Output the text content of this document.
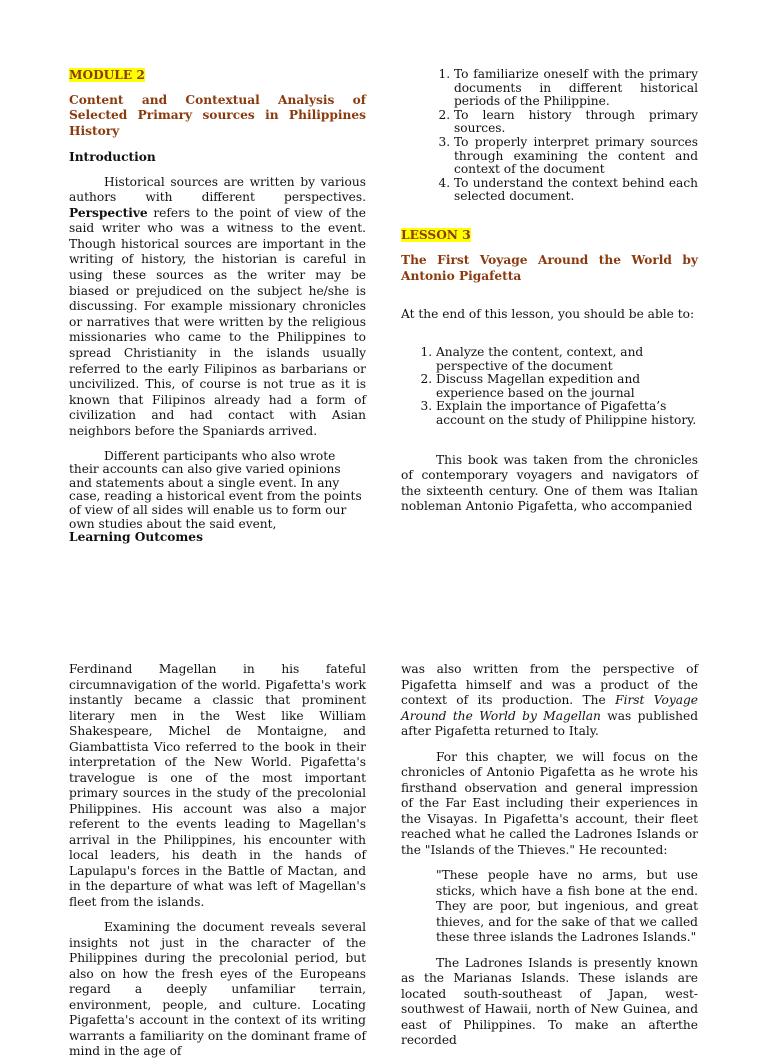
MODULE 2

Content and Contextual Analysis of Selected Primary sources in Philippines History

Introduction

Historical sources are written by various authors with different perspectives. Perspective refers to the point of view of the said writer who was a witness to the event. Though historical sources are important in the writing of history, the historian is careful in using these sources as the writer may be biased or prejudiced on the subject he/she is discussing. For example missionary chronicles or narratives that were written by the religious missionaries who came to the Philippines to spread Christianity in the islands usually referred to the early Filipinos as barbarians or uncivilized. This, of course is not true as it is known that Filipinos already had a form of civilization and had contact with Asian neighbors before the Spaniards arrived.

Different participants who also wrote their accounts can also give varied opinions and statements about a single event. In any case, reading a historical event from the points of view of all sides will enable us to form our own studies about the said event,

Learning Outcomes

1. To familiarize oneself with the primary documents in different historical periods of the Philippine.
2. To learn history through primary sources.
3. To properly interpret primary sources through examining the content and context of the document
4. To understand the context behind each selected document.
LESSON 3

The First Voyage Around the World by Antonio Pigafetta

At the end of this lesson, you should be able to:

1. Analyze the content, context, and perspective of the document
2. Discuss Magellan expedition and experience based on the journal
3. Explain the importance of Pigafetta’s account on the study of Philippine history.

This book was taken from the chronicles of contemporary voyagers and navigators of the sixteenth century. One of them was Italian nobleman Antonio Pigafetta, who accompanied

Ferdinand Magellan in his fateful circumnavigation of the world. Pigafetta's work instantly became a classic that prominent literary men in the West like William Shakespeare, Michel de Montaigne, and Giambattista Vico referred to the book in their interpretation of the New World. Pigafetta's travelogue is one of the most important primary sources in the study of the precolonial Philippines. His account was also a major referent to the events leading to Magellan's arrival in the Philippines, his encounter with local leaders, his death in the hands of Lapulapu's forces in the Battle of Mactan, and in the departure of what was left of Magellan's fleet from the islands.

Examining the document reveals several insights not just in the character of the Philippines during the precolonial period, but also on how the fresh eyes of the Europeans regard a deeply unfamiliar terrain, environment, people, and culture. Locating Pigafetta's account in the context of its writing warrants a familiarity on the dominant frame of mind in the age of

was also written from the perspective of Pigafetta himself and was a product of the context of its production. The First Voyage Around the World by Magellan was published after Pigafetta returned to Italy.

For this chapter, we will focus on the chronicles of Antonio Pigafetta as he wrote his firsthand observation and general impression of the Far East including their experiences in the Visayas. In Pigafetta's account, their fleet reached what he called the Ladrones Islands or the "Islands of the Thieves." He recounted:

"These people have no arms, but use sticks, which have a fish bone at the end. They are poor, but ingenious, and great thieves, and for the sake of that we called these three islands the Ladrones Islands."

The Ladrones Islands is presently known as the Marianas Islands. These islands are located south-southeast of Japan, west-southwest of Hawaii, north of New Guinea, and east of Philippines. To make an afterthe recorded
